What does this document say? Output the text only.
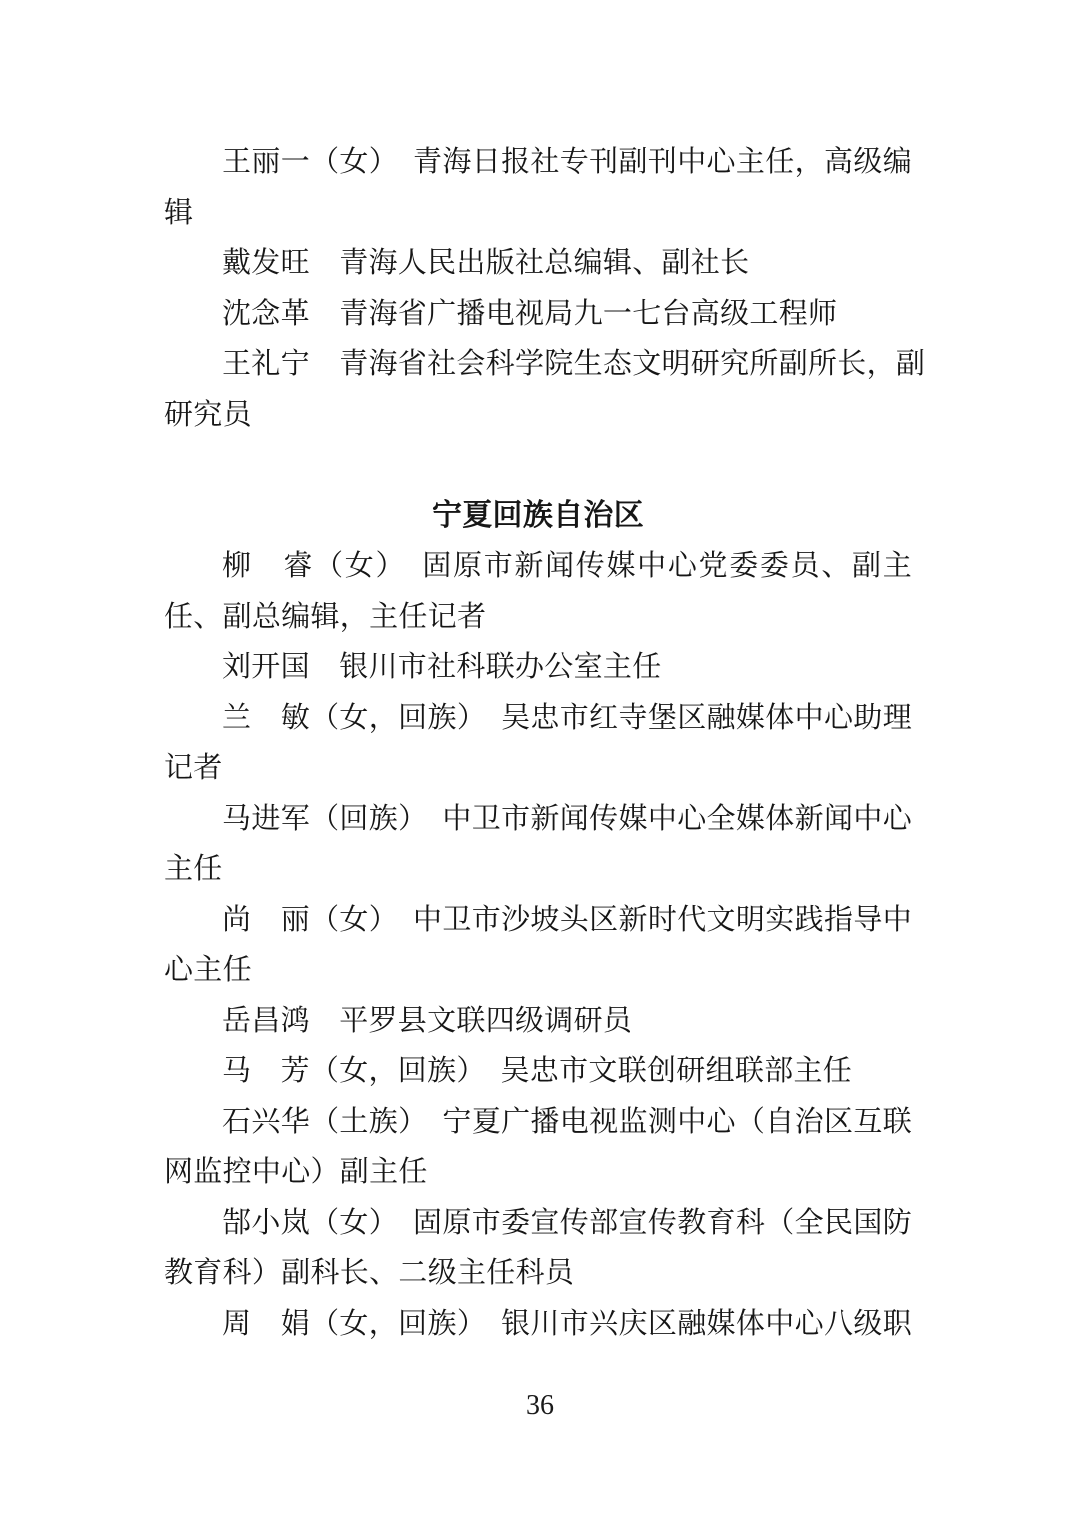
王丽一（女）　青海日报社专刊副刊中心主任，高级编
辑
戴发旺　青海人民出版社总编辑、副社长
沈念革　青海省广播电视局九一七台高级工程师
王礼宁　青海省社会科学院生态文明研究所副所长，副
研究员
宁夏回族自治区
柳　睿（女）　固原市新闻传媒中心党委委员、副主
任、副总编辑，主任记者
刘开国　银川市社科联办公室主任
兰　敏（女，回族）　吴忠市红寺堡区融媒体中心助理
记者
马进军（回族）　中卫市新闻传媒中心全媒体新闻中心
主任
尚　丽（女）　中卫市沙坡头区新时代文明实践指导中
心主任
岳昌鸿　平罗县文联四级调研员
马　芳（女，回族）　吴忠市文联创研组联部主任
石兴华（土族）　宁夏广播电视监测中心（自治区互联
网监控中心）副主任
郜小岚（女）　固原市委宣传部宣传教育科（全民国防
教育科）副科长、二级主任科员
周　娟（女，回族）　银川市兴庆区融媒体中心八级职
36
